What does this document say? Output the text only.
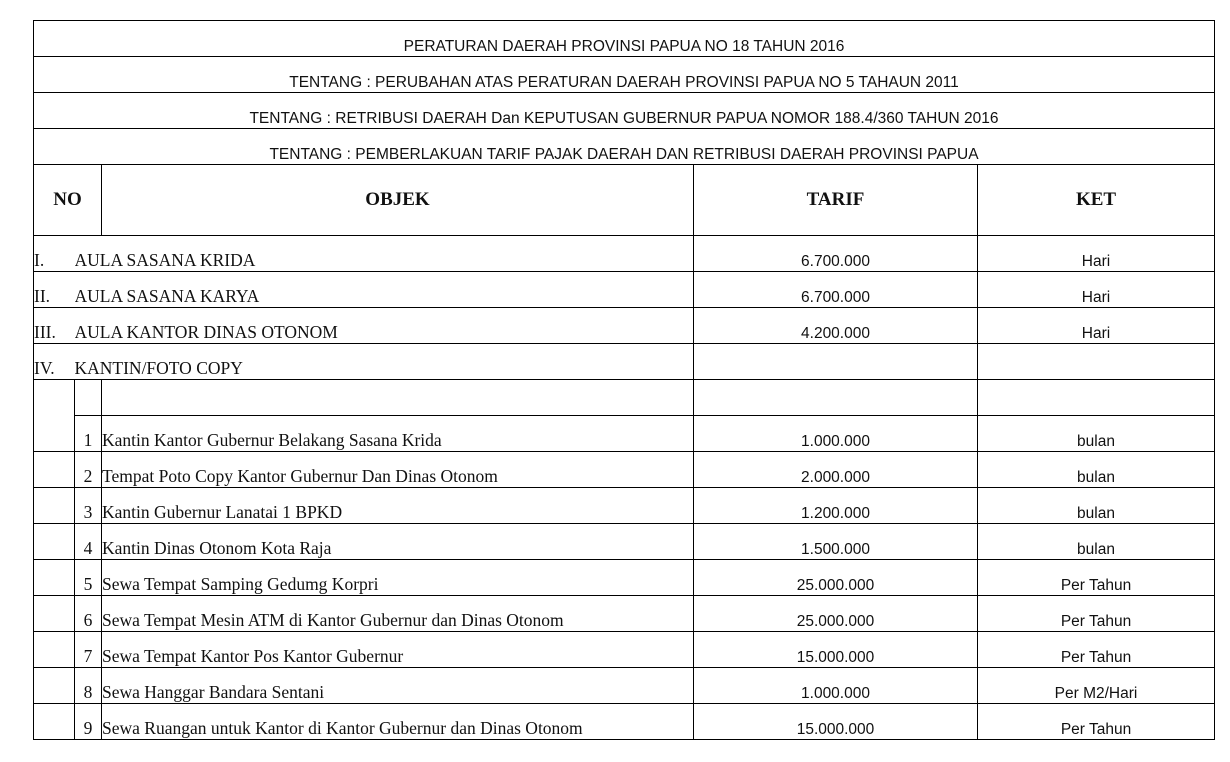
PERATURAN DAERAH PROVINSI PAPUA NO 18 TAHUN 2016				
TENTANG : PERUBAHAN ATAS PERATURAN DAERAH PROVINSI PAPUA NO 5 TAHAUN 2011				
TENTANG : RETRIBUSI DAERAH Dan KEPUTUSAN GUBERNUR PAPUA NOMOR 188.4/360 TAHUN 2016				
TENTANG : PEMBERLAKUAN TARIF PAJAK DAERAH DAN RETRIBUSI DAERAH PROVINSI PAPUA				
NO		OBJEK	TARIF	KET
I.	AULA SASANA KRIDA		6.700.000	Hari
II.	AULA SASANA KARYA		6.700.000	Hari
III.	AULA KANTOR DINAS OTONOM		4.200.000	Hari
IV.	KANTIN/FOTO COPY			

	1	Kantin Kantor Gubernur Belakang Sasana Krida	1.000.000	bulan
	2	Tempat Poto Copy Kantor Gubernur Dan Dinas Otonom	2.000.000	bulan
	3	Kantin Gubernur Lanatai 1 BPKD	1.200.000	bulan
	4	Kantin Dinas Otonom Kota Raja	1.500.000	bulan
	5	Sewa Tempat Samping Gedumg Korpri	25.000.000	Per Tahun
	6	Sewa Tempat Mesin ATM di Kantor Gubernur dan Dinas Otonom	25.000.000	Per Tahun
	7	Sewa Tempat Kantor Pos Kantor Gubernur	15.000.000	Per Tahun
	8	Sewa Hanggar Bandara Sentani	1.000.000	Per M2/Hari
	9	Sewa Ruangan untuk Kantor di Kantor Gubernur dan Dinas Otonom	15.000.000	Per Tahun
